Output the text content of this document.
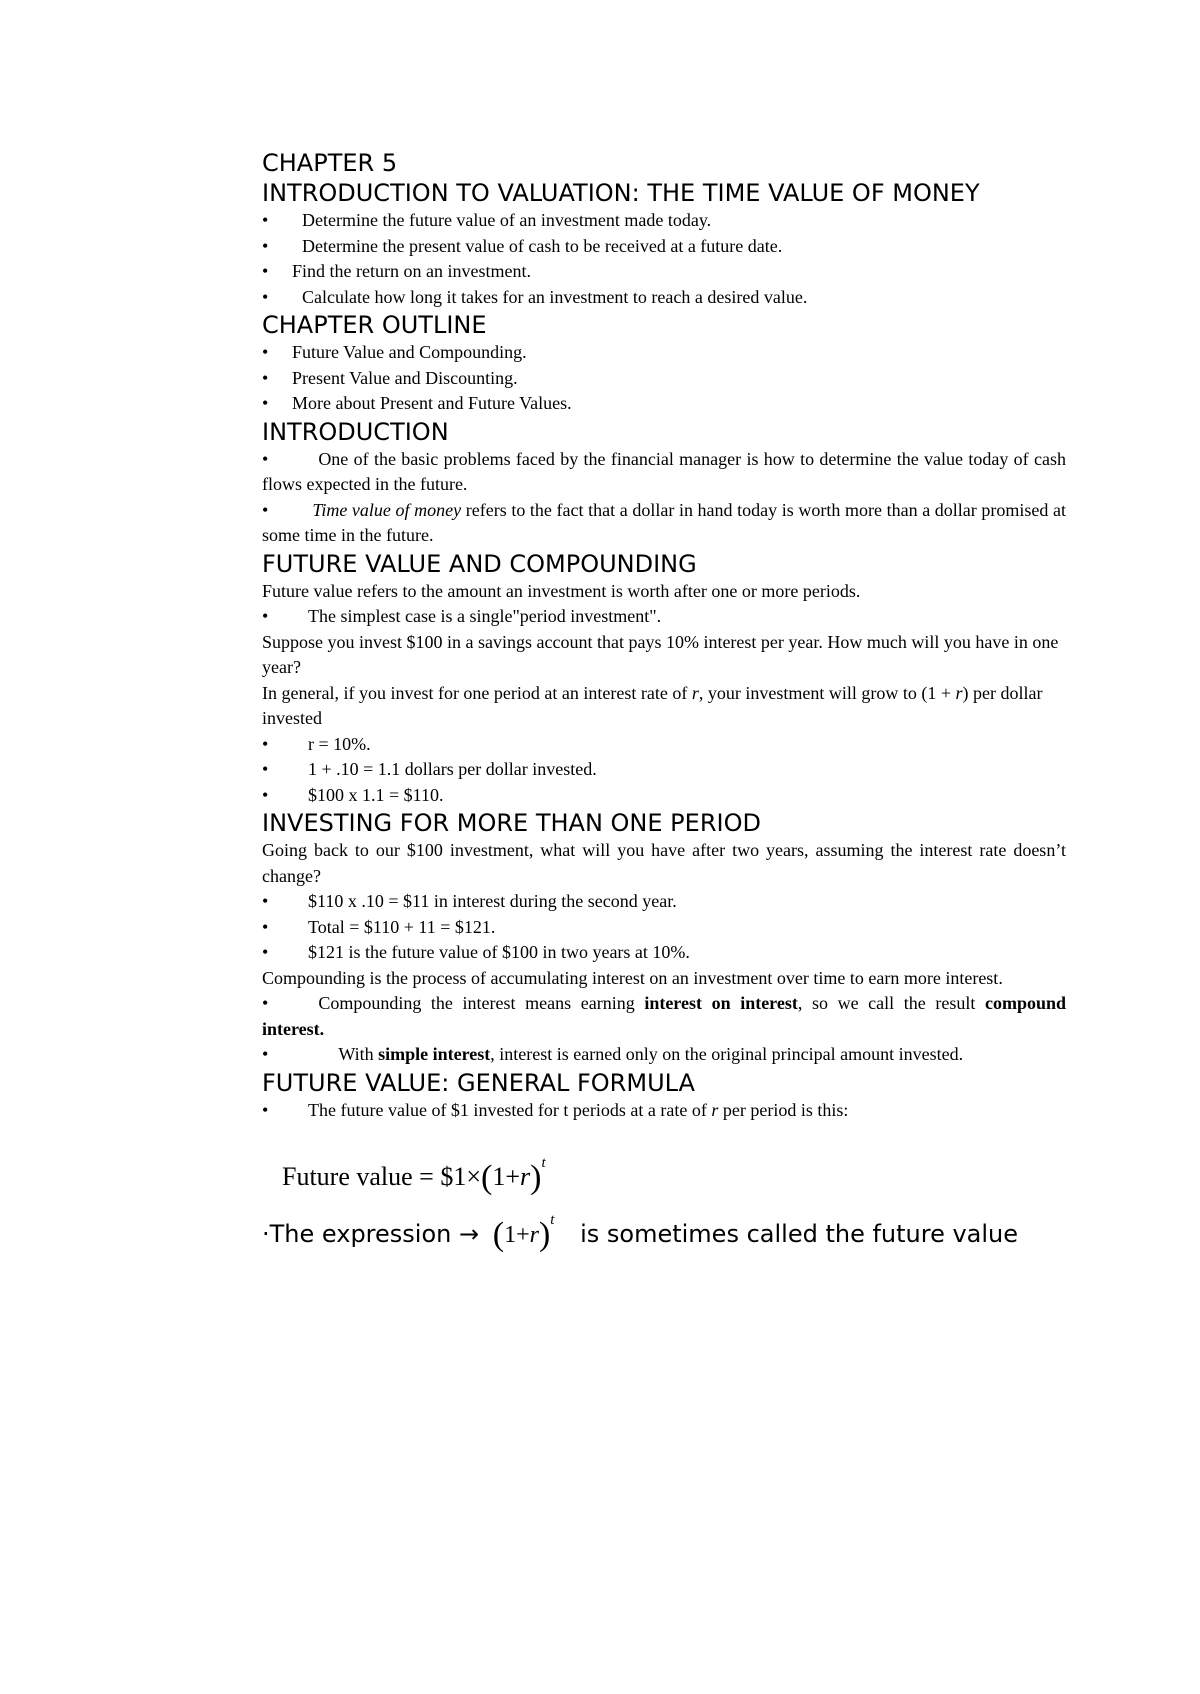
CHAPTER 5
INTRODUCTION TO VALUATION: THE TIME VALUE OF MONEY
•	Determine the future value of an investment made today.
•	Determine the present value of cash to be received at a future date.
•	Find the return on an investment.
•	Calculate how long it takes for an investment to reach a desired value.
CHAPTER OUTLINE
•	Future Value and Compounding.
•	Present Value and Discounting.
•	More about Present and Future Values.
INTRODUCTION
•	One of the basic problems faced by the financial manager is how to determine the value today of cash flows expected in the future.
• Time value of money refers to the fact that a dollar in hand today is worth more than a dollar promised at some time in the future.
FUTURE VALUE AND COMPOUNDING
Future value refers to the amount an investment is worth after one or more periods.
•	The simplest case is a single"period investment".
Suppose you invest $100 in a savings account that pays 10% interest per year. How much will you have in one year?
In general, if you invest for one period at an interest rate of r, your investment will grow to (1 + r) per dollar invested
•	r = 10%.
•	1 + .10 = 1.1 dollars per dollar invested.
•	$100 x 1.1 = $110.
INVESTING FOR MORE THAN ONE PERIOD
Going back to our $100 investment, what will you have after two years, assuming the interest rate doesn’t change?
•	$110 x .10 = $11 in interest during the second year.
•	Total = $110 + 11 = $121.
•	$121 is the future value of $100 in two years at 10%.
Compounding is the process of accumulating interest on an investment over time to earn more interest.
•	Compounding the interest means earning interest on interest, so we call the result compound interest.
•	With simple interest, interest is earned only on the original principal amount invested.
FUTURE VALUE: GENERAL FORMULA
•	The future value of $1 invested for t periods at a rate of r per period is this:
Future value = $\$1\times(1+r)^t$
·The expression → $(1+r)^t$ is sometimes called the future value
